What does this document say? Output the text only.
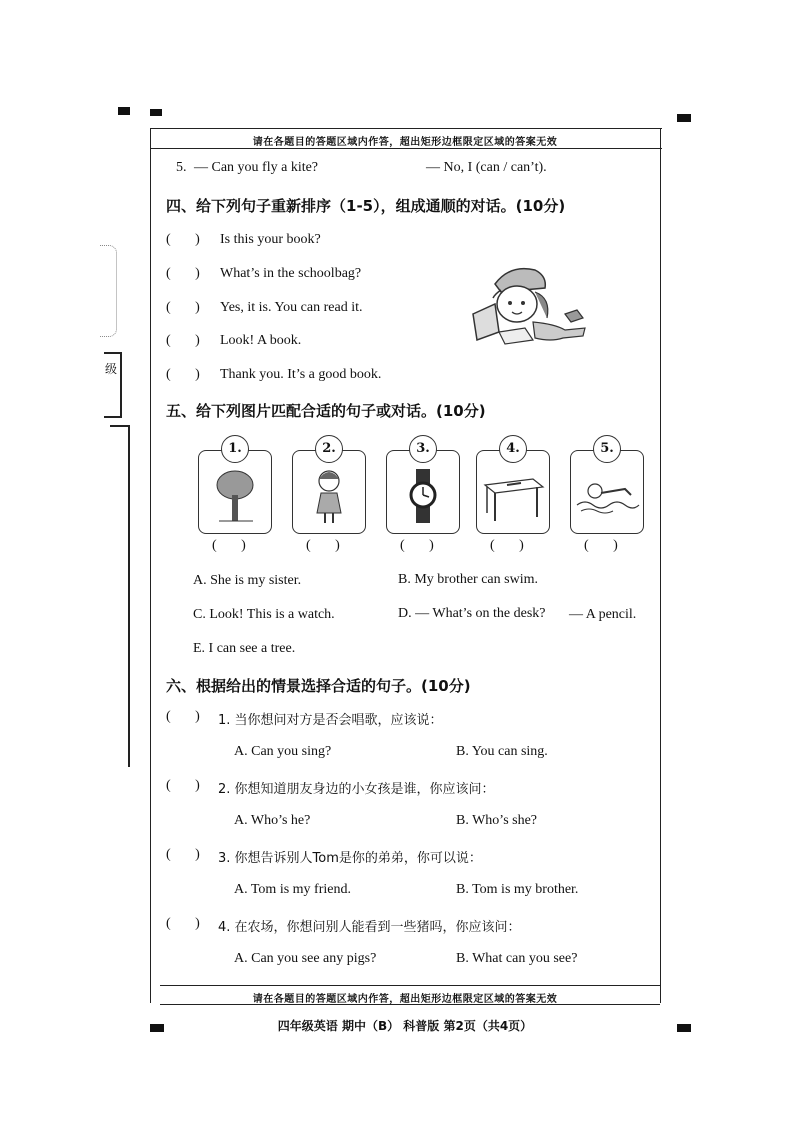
级
请在各题目的答题区域内作答，超出矩形边框限定区域的答案无效
请在各题目的答题区域内作答，超出矩形边框限定区域的答案无效
5. — Can you fly a kite?	— No, I (can / can’t).
四、给下列句子重新排序（1-5），组成通顺的对话。(10分)
(       ) Is this your book?
(       ) What’s in the schoolbag?
(       ) Yes, it is. You can read it.
(       ) Look! A book.
(       ) Thank you. It’s a good book.
五、给下列图片匹配合适的句子或对话。(10分)
1.
(       )
2.
(       )
3.
(       )
4.
(       )
5.
(       )
A. She is my sister.	B. My brother can swim.
C. Look! This is a watch.	D. — What’s on the desk? — A pencil.
E. I can see a tree.
六、根据给出的情景选择合适的句子。(10分)
(       ) 1. 当你想问对方是否会唱歌，应该说：
A. Can you sing?	B. You can sing.
(       ) 2. 你想知道朋友身边的小女孩是谁，你应该问：
A. Who’s he?	B. Who’s she?
(       ) 3. 你想告诉别人Tom是你的弟弟，你可以说：
A. Tom is my friend.	B. Tom is my brother.
(       ) 4. 在农场，你想问别人能看到一些猪吗，你应该问：
A. Can you see any pigs?	B. What can you see?
四年级英语 期中（B） 科普版 第2页（共4页）
